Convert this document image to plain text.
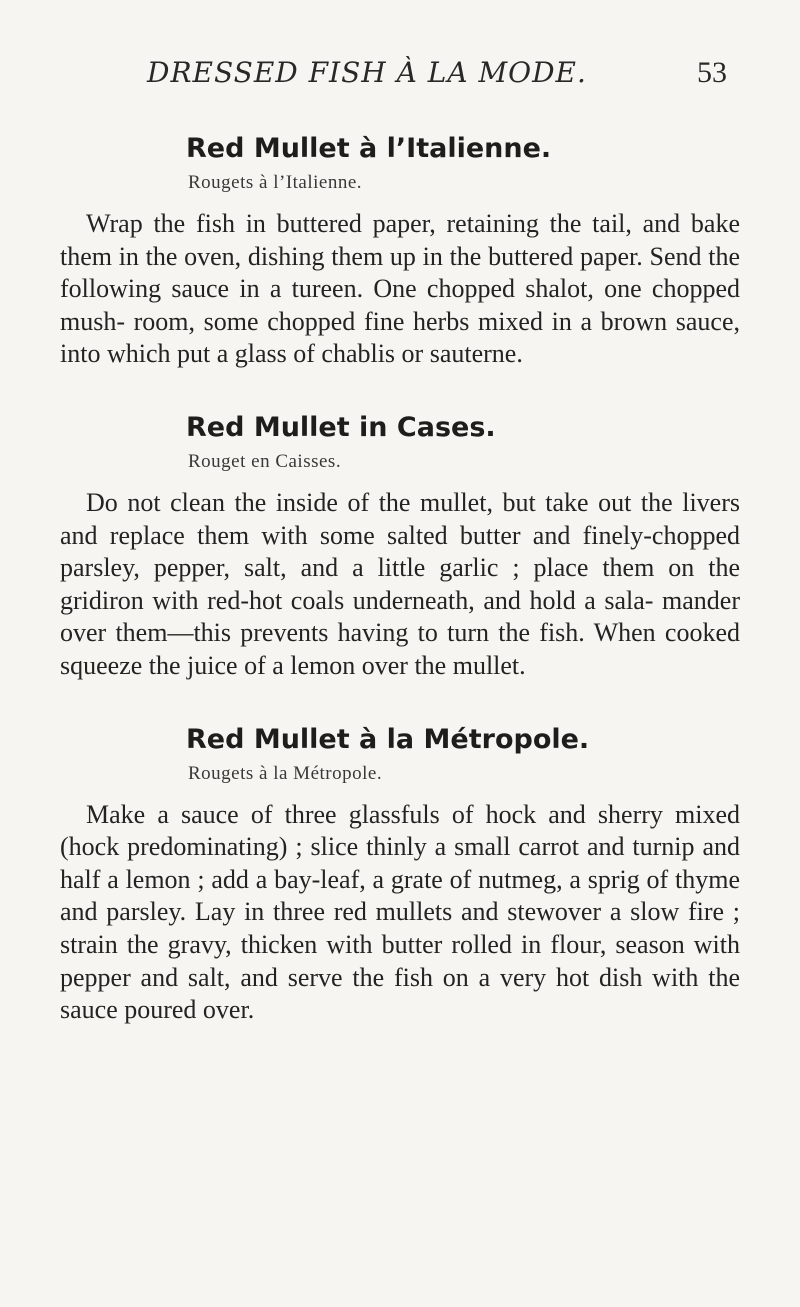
DRESSED FISH À LA MODE.	53
Red Mullet à l’Italienne.
Rougets à l’Italienne.

Wrap the fish in buttered paper, retaining the tail, and bake them in the oven, dishing them up in the buttered paper. Send the following sauce in a tureen. One chopped shalot, one chopped mush- room, some chopped fine herbs mixed in a brown sauce, into which put a glass of chablis or sauterne.

Red Mullet in Cases.
Rouget en Caisses.

Do not clean the inside of the mullet, but take out the livers and replace them with some salted butter and finely-chopped parsley, pepper, salt, and a little garlic ; place them on the gridiron with red-hot coals underneath, and hold a sala- mander over them—this prevents having to turn the fish. When cooked squeeze the juice of a lemon over the mullet.

Red Mullet à la Métropole.
Rougets à la Métropole.

Make a sauce of three glassfuls of hock and sherry mixed (hock predominating) ; slice thinly a small carrot and turnip and half a lemon ; add a bay-leaf, a grate of nutmeg, a sprig of thyme and parsley. Lay in three red mullets and stewover a slow fire ; strain the gravy, thicken with butter rolled in flour, season with pepper and salt, and serve the fish on a very hot dish with the sauce poured over.
